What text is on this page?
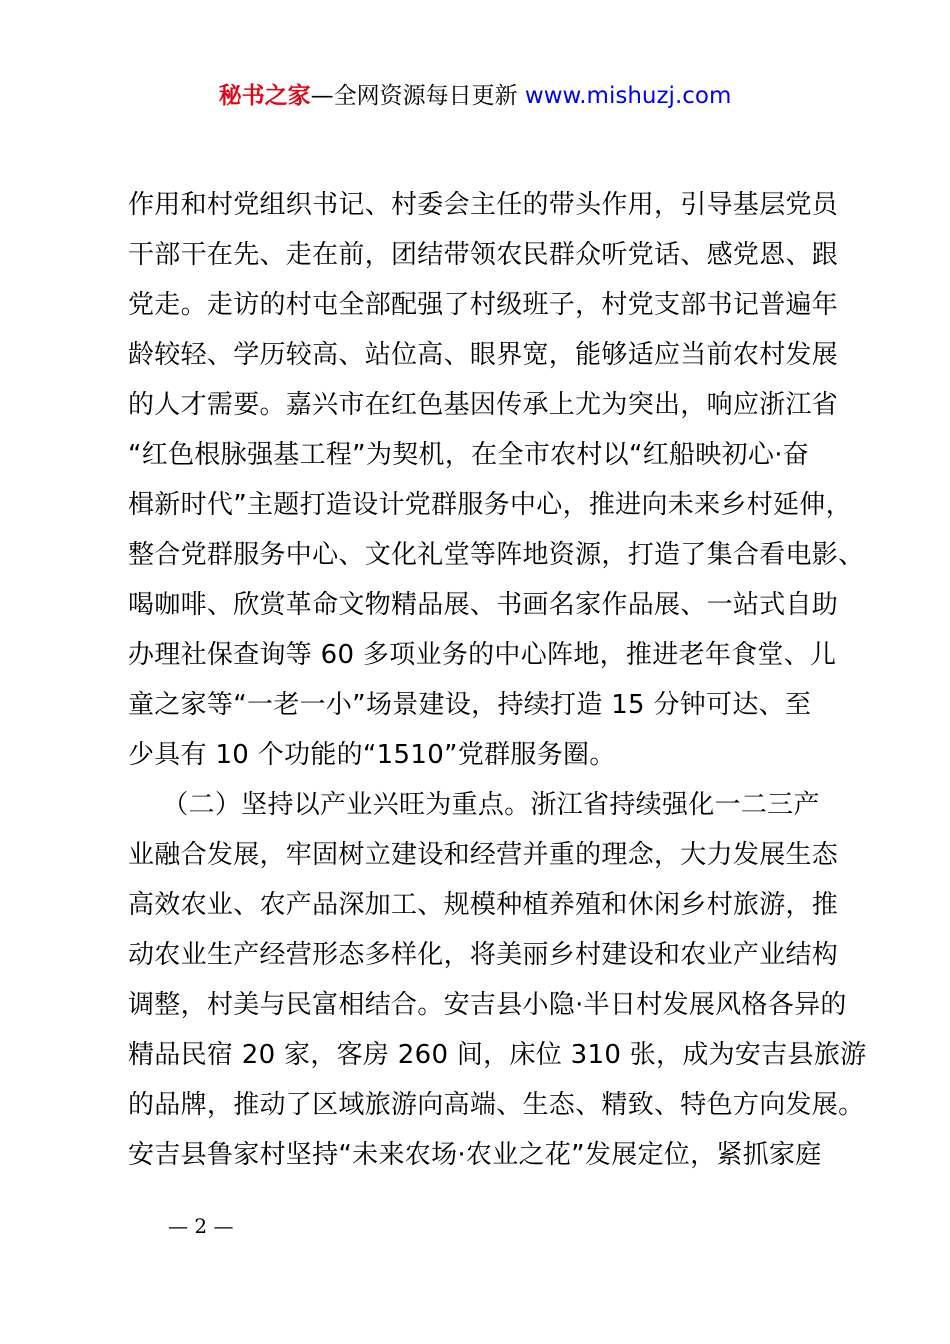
秘书之家—全网资源每日更新 www.mishuzj.com
作用和村党组织书记、村委会主任的带头作用，引导基层党员
干部干在先、走在前，团结带领农民群众听党话、感党恩、跟
党走。走访的村屯全部配强了村级班子，村党支部书记普遍年
龄较轻、学历较高、站位高、眼界宽，能够适应当前农村发展
的人才需要。嘉兴市在红色基因传承上尤为突出，响应浙江省
“红色根脉强基工程”为契机，在全市农村以“红船映初心·奋
楫新时代”主题打造设计党群服务中心，推进向未来乡村延伸，
整合党群服务中心、文化礼堂等阵地资源，打造了集合看电影、
喝咖啡、欣赏革命文物精品展、书画名家作品展、一站式自助
办理社保查询等 60 多项业务的中心阵地，推进老年食堂、儿
童之家等“一老一小”场景建设，持续打造 15 分钟可达、至
少具有 10 个功能的“1510”党群服务圈。
（二）坚持以产业兴旺为重点。浙江省持续强化一二三产
业融合发展，牢固树立建设和经营并重的理念，大力发展生态
高效农业、农产品深加工、规模种植养殖和休闲乡村旅游，推
动农业生产经营形态多样化，将美丽乡村建设和农业产业结构
调整，村美与民富相结合。安吉县小隐·半日村发展风格各异的
精品民宿 20 家，客房 260 间，床位 310 张，成为安吉县旅游
的品牌，推动了区域旅游向高端、生态、精致、特色方向发展。
安吉县鲁家村坚持“未来农场·农业之花”发展定位，紧抓家庭
— 2 —
